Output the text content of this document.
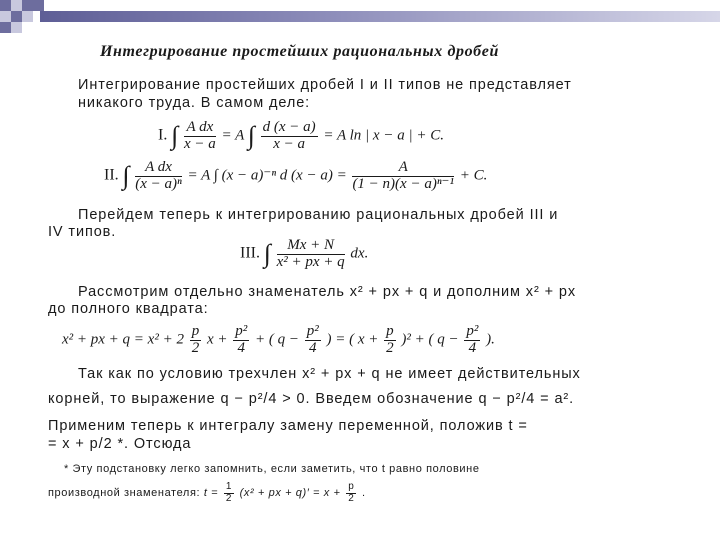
Интегрирование простейших рациональных дробей
Интегрирование простейших дробей I и II типов не представляет
никакого труда. В самом деле:
I. ∫ $\frac{\text{A dx}}{x - a} = A$ ∫ $\frac{d (x - a)}{x - a} = A$ ln | x − a | + C.
II. ∫ $\frac{\text{A dx}}{\text{(x − a)ⁿ}} = A$ ∫ (x − a)⁻ⁿ d $(x - a) = \frac{A}{\text{(1 − n)(x − a)ⁿ⁻¹}} + C$.
Перейдем теперь к интегрированию рациональных дробей III и
IV типов.
III. ∫ $\frac{Mx + N}{\text{x² + px + q}}$ dx.
Рассмотрим отдельно знаменатель x² + px + q и дополним x² + px
до полного квадрата:
x² + px + $q = x^2 + 2 \frac{p}{2}$ $x + \frac{\text{p²}}{4}$ + ( $q - \frac{\text{p²}}{4}$ ) = ( $x + \frac{p}{2} )^2$ + ( $q - \frac{\text{p²}}{4}$ ).
Так как по условию трехчлен x² + px + q не имеет действительных
корней, то выражение q − p²/4 > 0. Введем обозначение q − p²/4 = a².
Применим теперь к интегралу замену переменной, положив t =
= x + p/2 *. Отсюда
* Эту подстановку легко запомнить, если заметить, что t равно половине
производной знаменателя: $t = \frac{1}{2} (x^2$ + px + $q)' = x + \frac{p}{2}$ .
